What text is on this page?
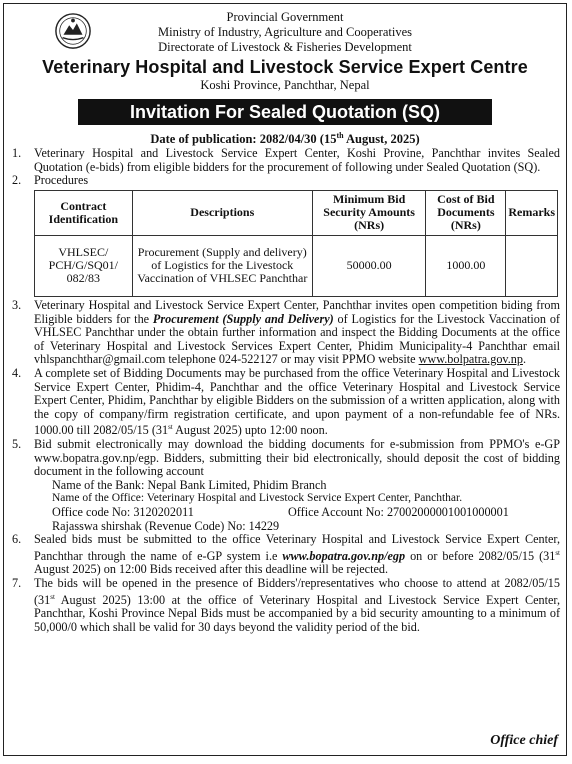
Provincial Government
Ministry of Industry, Agriculture and Cooperatives
Directorate of Livestock & Fisheries Development
Veterinary Hospital and Livestock Service Expert Centre
Koshi Province, Panchthar, Nepal
Invitation For Sealed Quotation (SQ)
Date of publication: 2082/04/30 (15th August, 2025)
1.	Veterinary Hospital and Livestock Service Expert Center, Koshi Provine, Panchthar invites Sealed Quotation (e-bids) from eligible bidders for the procurement of following under Sealed Quotation (SQ).
2.	Procedures
Contract Identification	Descriptions	Minimum Bid Security Amounts (NRs)	Cost of Bid Documents (NRs)	Remarks
VHLSEC/ PCH/G/SQ01/ 082/83	Procurement (Supply and delivery) of Logistics for the Livestock Vaccination of VHLSEC Panchthar	50000.00	1000.00	
3.	Veterinary Hospital and Livestock Service Expert Center, Panchthar invites open competition biding from Eligible bidders for the Procurement (Supply and Delivery) of Logistics for the Livestock Vaccination of VHLSEC Panchthar under the obtain further information and inspect the Bidding Documents at the office of Veterinary Hospital and Livestock Services Expert Center, Phidim Municipality-4 Panchthar email vhlspanchthar@gmail.com telephone 024-522127 or may visit PPMO website www.bolpatra.gov.np.
4.	A complete set of Bidding Documents may be purchased from the office Veterinary Hospital and Livestock Service Expert Center, Phidim-4, Panchthar and the office Veterinary Hospital and Livestock Service Expert Center, Phidim, Panchthar by eligible Bidders on the submission of a written application, along with the copy of company/firm registration certificate, and upon payment of a non-refundable fee of NRs. 1000.00 till 2082/05/15 (31st August 2025) upto 12:00 noon.
5.	Bid submit electronically may download the bidding documents for e-submission from PPMO's e-GP www.bopatra.gov.np/egp. Bidders, submitting their bid electronically, should deposit the cost of bidding document in the following account
Name of the Bank: Nepal Bank Limited, Phidim Branch
Name of the Office: Veterinary Hospital and Livestock Service Expert Center, Panchthar.
Office code No: 3120202011	Office Account No: 27002000001001000001
Rajasswa shirshak (Revenue Code) No: 14229
6.	Sealed bids must be submitted to the office Veterinary Hospital and Livestock Service Expert Center, Panchthar through the name of e-GP system i.e www.bopatra.gov.np/egp on or before 2082/05/15 (31st August 2025) on 12:00 Bids received after this deadline will be rejected.
7.	The bids will be opened in the presence of Bidders'/representatives who choose to attend at 2082/05/15 (31st August 2025) 13:00 at the office of Veterinary Hospital and Livestock Service Expert Center, Panchthar, Koshi Province Nepal Bids must be accompanied by a bid security amounting to a minimum of 50,000/0 which shall be valid for 30 days beyond the validity period of the bid.
Office chief
